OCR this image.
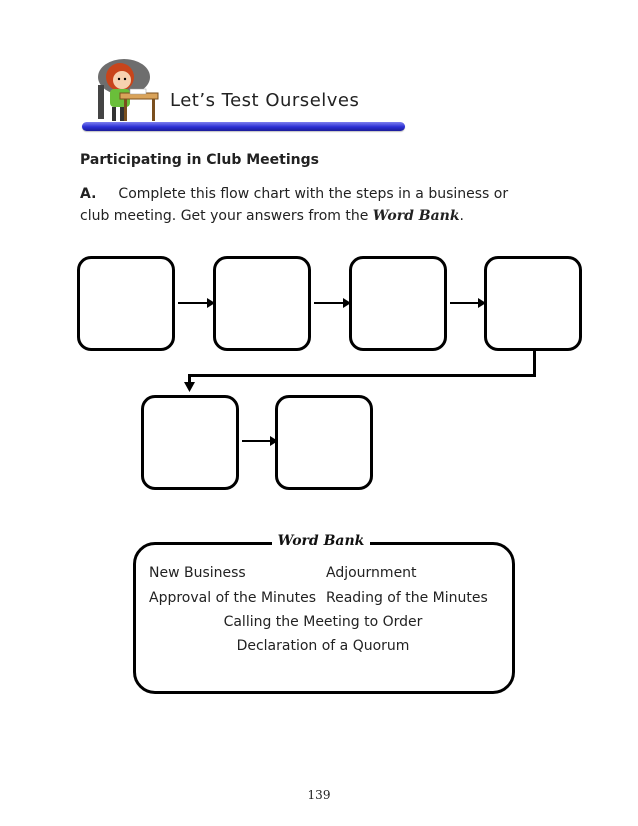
Let’s Test Ourselves
Participating in Club Meetings
A. Complete this flow chart with the steps in a business or club meeting. Get your answers from the Word Bank.
Word Bank
New Business	Adjournment
Approval of the Minutes Reading of the Minutes
Calling the Meeting to Order
Declaration of a Quorum
139
